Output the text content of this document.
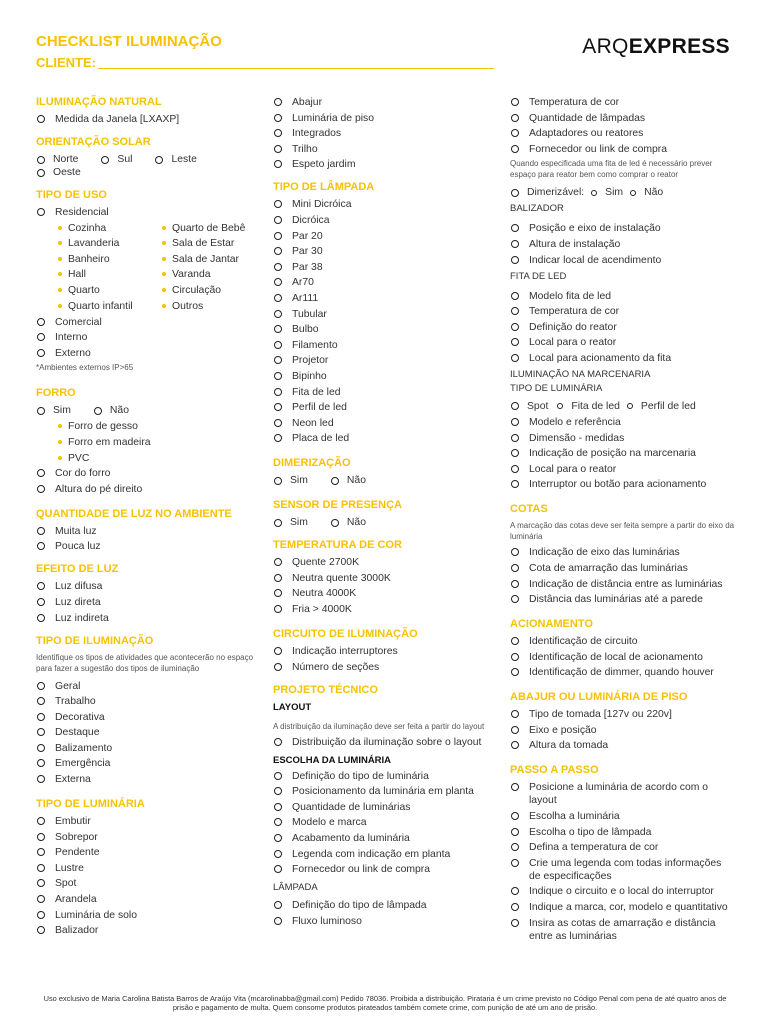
CHECKLIST ILUMINAÇÃO
CLIENTE:
ARQEXPRESS
ILUMINAÇÃO NATURAL
Medida da Janela [LXAXP]
ORIENTAÇÃO SOLAR
Norte	Sul	Leste
Oeste
TIPO DE USO
Residencial
Cozinha	Quarto de Bebê
Lavanderia	Sala de Estar
Banheiro	Sala de Jantar
Hall	Varanda
Quarto	Circulação
Quarto infantil	Outros
Comercial
Interno
Externo
*Ambientes externos IP>65
FORRO
Sim	Não
Forro de gesso
Forro em madeira
PVC
Cor do forro
Altura do pé direito
QUANTIDADE DE LUZ NO AMBIENTE
Muita luz
Pouca luz
EFEITO DE LUZ
Luz difusa
Luz direta
Luz indireta
TIPO DE ILUMINAÇÃO
Identifique os tipos de atividades que acontecerão no espaço para fazer a sugestão dos tipos de iluminação
Geral
Trabalho
Decorativa
Destaque
Balizamento
Emergência
Externa
TIPO DE LUMINÁRIA
Embutir
Sobrepor
Pendente
Lustre
Spot
Arandela
Luminária de solo
Balizador
Abajur
Luminária de piso
Integrados
Trilho
Espeto jardim
TIPO DE LÂMPADA
Mini Dicróica
Dicróica
Par 20
Par 30
Par 38
Ar70
Ar111
Tubular
Bulbo
Filamento
Projetor
Bipinho
Fita de led
Perfil de led
Neon led
Placa de led
DIMERIZAÇÃO
Sim	Não
SENSOR DE PRESENÇA
Sim	Não
TEMPERATURA DE COR
Quente 2700K
Neutra quente 3000K
Neutra 4000K
Fria > 4000K
CIRCUITO DE ILUMINAÇÃO
Indicação interruptores
Número de seções
PROJETO TÉCNICO
LAYOUT
A distribuição da iluminação deve ser feita a partir do layout
Distribuição da iluminação sobre o layout
ESCOLHA DA LUMINÁRIA
Definição do tipo de luminária
Posicionamento da luminária em planta
Quantidade de luminárias
Modelo e marca
Acabamento da luminária
Legenda com indicação em planta
Fornecedor ou link de compra
LÂMPADA
Definição do tipo de lâmpada
Fluxo luminoso
Temperatura de cor
Quantidade de lâmpadas
Adaptadores ou reatores
Fornecedor ou link de compra
Quando especificada uma fita de led é necessário prever espaço para reator bem como comprar o reator
Dimerizável: Sim Não
BALIZADOR
Posição e eixo de instalação
Altura de instalação
Indicar local de acendimento
FITA DE LED
Modelo fita de led
Temperatura de cor
Definição do reator
Local para o reator
Local para acionamento da fita
ILUMINAÇÃO NA MARCENARIA
TIPO DE LUMINÁRIA
Spot Fita de led Perfil de led
Modelo e referência
Dimensão - medidas
Indicação de posição na marcenaria
Local para o reator
Interruptor ou botão para acionamento
COTAS
A marcação das cotas deve ser feita sempre a partir do eixo da luminária
Indicação de eixo das luminárias
Cota de amarração das luminárias
Indicação de distância entre as luminárias
Distância das luminárias até a parede
ACIONAMENTO
Identificação de circuito
Identificação de local de acionamento
Identificação de dimmer, quando houver
ABAJUR OU LUMINÁRIA DE PISO
Tipo de tomada [127v ou 220v]
Eixo e posição
Altura da tomada
PASSO A PASSO
Posicione a luminária de acordo com o layout
Escolha a luminária
Escolha o tipo de lâmpada
Defina a temperatura de cor
Crie uma legenda com todas informações de especificações
Indique o circuito e o local do interruptor
Indique a marca, cor, modelo e quantitativo
Insira as cotas de amarração e distância entre as luminárias
Uso exclusivo de Maria Carolina Batista Barros de Araújo Vita (mcarolinabba@gmail.com) Pedido 78036. Proibida a distribuição. Pirataria é um crime previsto no Código Penal com pena de até quatro anos de prisão e pagamento de multa. Quem consome produtos pirateados também comete crime, com punição de até um ano de prisão.
